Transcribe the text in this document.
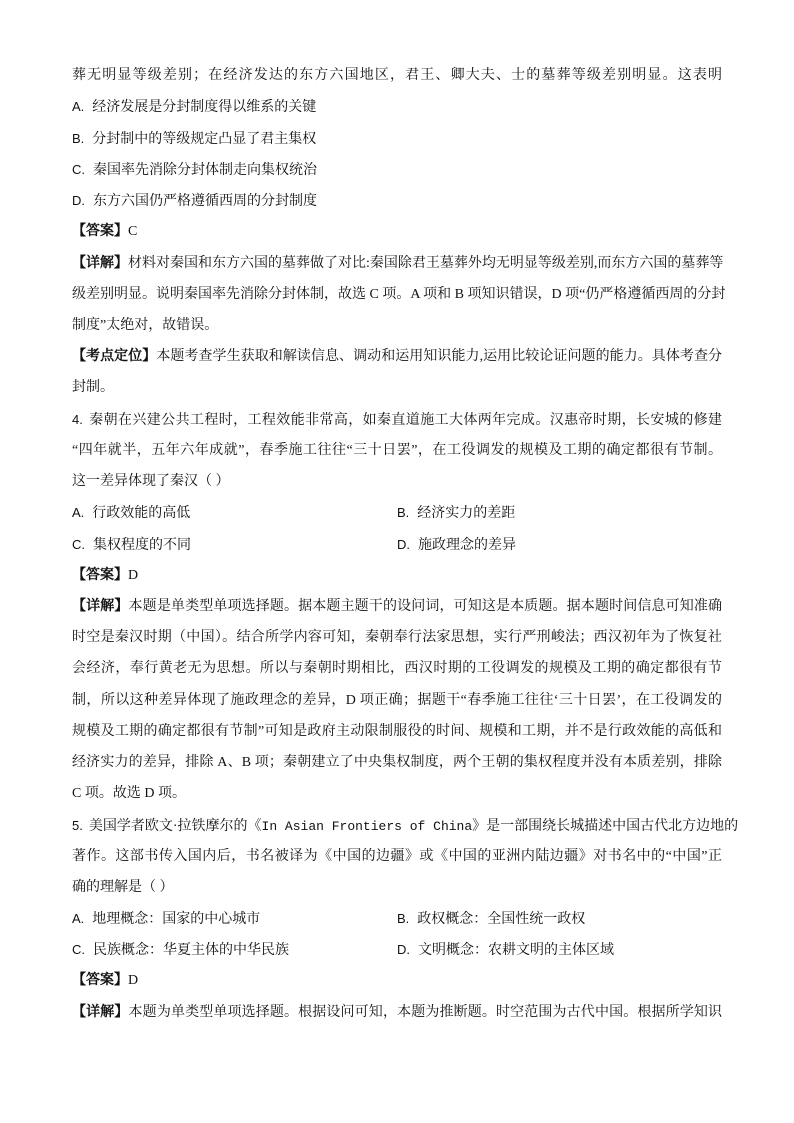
葬无明显等级差别；在经济发达的东方六国地区，君王、卿大夫、士的墓葬等级差别明显。这表明
A. 经济发展是分封制度得以维系的关键
B. 分封制中的等级规定凸显了君主集权
C. 秦国率先消除分封体制走向集权统治
D. 东方六国仍严格遵循西周的分封制度
【答案】C
【详解】材料对秦国和东方六国的墓葬做了对比:秦国除君王墓葬外均无明显等级差别,而东方六国的墓葬等
级差别明显。说明秦国率先消除分封体制，故选 C 项。A 项和 B 项知识错误，D 项“仍严格遵循西周的分封
制度”太绝对，故错误。
【考点定位】本题考查学生获取和解读信息、调动和运用知识能力,运用比较论证问题的能力。具体考查分
封制。
4. 秦朝在兴建公共工程时，工程效能非常高，如秦直道施工大体两年完成。汉惠帝时期，长安城的修建
“四年就半，五年六年成就”，春季施工往往“三十日罢”，在工役调发的规模及工期的确定都很有节制。
这一差异体现了秦汉（ ）
A. 行政效能的高低	B. 经济实力的差距
C. 集权程度的不同	D. 施政理念的差异
【答案】D
【详解】本题是单类型单项选择题。据本题主题干的设问词，可知这是本质题。据本题时间信息可知准确
时空是秦汉时期（中国）。结合所学内容可知，秦朝奉行法家思想，实行严刑峻法；西汉初年为了恢复社
会经济，奉行黄老无为思想。所以与秦朝时期相比，西汉时期的工役调发的规模及工期的确定都很有节
制，所以这种差异体现了施政理念的差异，D 项正确；据题干“春季施工往往‘三十日罢’，在工役调发的
规模及工期的确定都很有节制”可知是政府主动限制服役的时间、规模和工期，并不是行政效能的高低和
经济实力的差异，排除 A、B 项；秦朝建立了中央集权制度，两个王朝的集权程度并没有本质差别，排除
C 项。故选 D 项。
5. 美国学者欧文·拉铁摩尔的《In Asian Frontiers of China》是一部围绕长城描述中国古代北方边地的
著作。这部书传入国内后，书名被译为《中国的边疆》或《中国的亚洲内陆边疆》对书名中的“中国”正
确的理解是（ ）
A. 地理概念：国家的中心城市	B. 政权概念：全国性统一政权
C. 民族概念：华夏主体的中华民族	D. 文明概念：农耕文明的主体区域
【答案】D
【详解】本题为单类型单项选择题。根据设问可知，本题为推断题。时空范围为古代中国。根据所学知识
